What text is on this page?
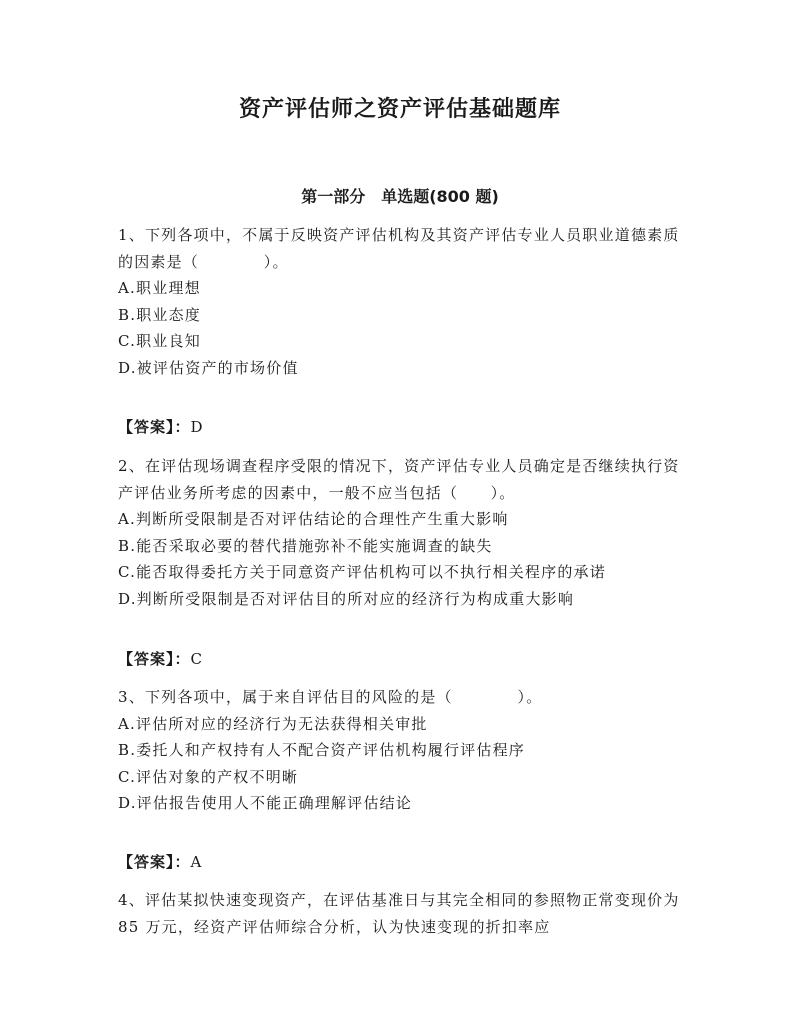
资产评估师之资产评估基础题库
第一部分　单选题(800 题)

1、下列各项中，不属于反映资产评估机构及其资产评估专业人员职业道德素质的因素是（　　　　）。

A.职业理想

B.职业态度

C.职业良知

D.被评估资产的市场价值

【答案】：D

2、在评估现场调查程序受限的情况下，资产评估专业人员确定是否继续执行资产评估业务所考虑的因素中，一般不应当包括（　　）。

A.判断所受限制是否对评估结论的合理性产生重大影响

B.能否采取必要的替代措施弥补不能实施调查的缺失

C.能否取得委托方关于同意资产评估机构可以不执行相关程序的承诺

D.判断所受限制是否对评估目的所对应的经济行为构成重大影响

【答案】：C

3、下列各项中，属于来自评估目的风险的是（　　　　）。

A.评估所对应的经济行为无法获得相关审批

B.委托人和产权持有人不配合资产评估机构履行评估程序

C.评估对象的产权不明晰

D.评估报告使用人不能正确理解评估结论

【答案】：A

4、评估某拟快速变现资产，在评估基准日与其完全相同的参照物正常变现价为 85 万元，经资产评估师综合分析，认为快速变现的折扣率应
